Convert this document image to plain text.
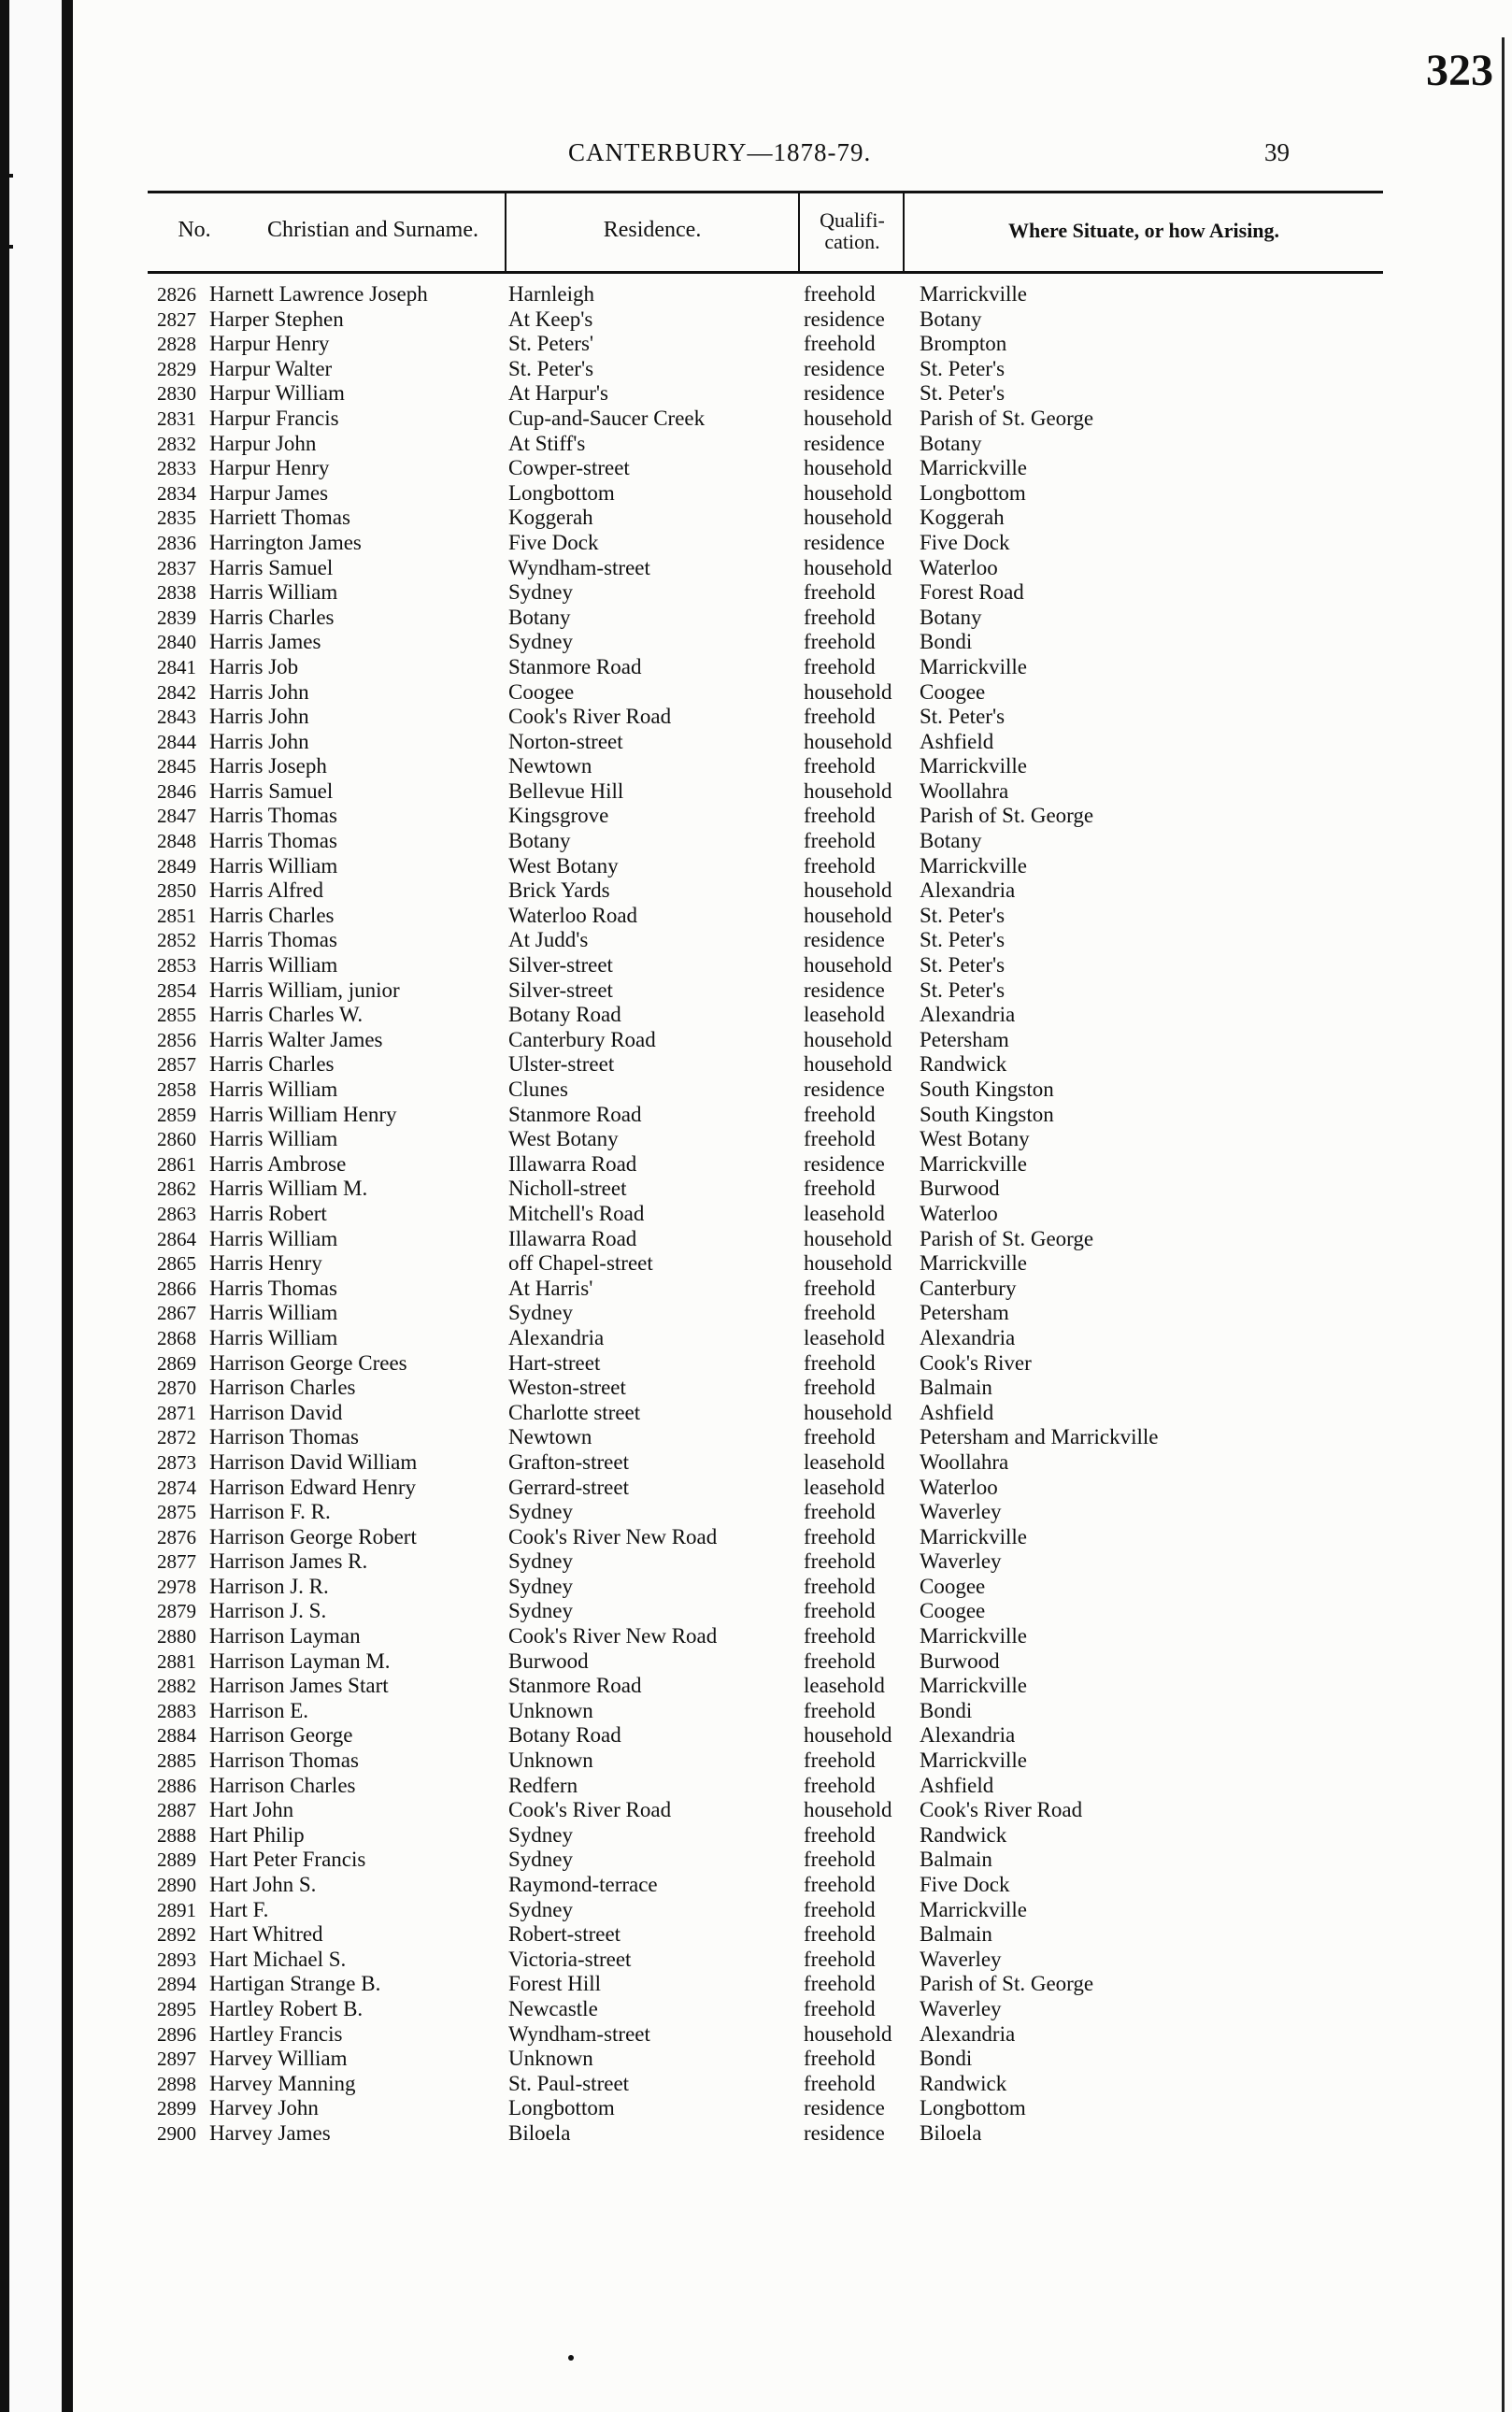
323
CANTERBURY—1878-79.	39
No.	Christian and Surname.	Residence.	Qualifi-
cation.	Where Situate, or how Arising.
2826 Harnett Lawrence Joseph	Harnleigh	freehold Marrickville
2827 Harper Stephen	At Keep's	residence Botany
2828 Harpur Henry	St. Peters'	freehold Brompton
2829 Harpur Walter	St. Peter's	residence St. Peter's
2830 Harpur William	At Harpur's	residence St. Peter's
2831 Harpur Francis	Cup-and-Saucer Creek	household Parish of St. George
2832 Harpur John	At Stiff's	residence Botany
2833 Harpur Henry	Cowper-street	household Marrickville
2834 Harpur James	Longbottom	household Longbottom
2835 Harriett Thomas	Koggerah	household Koggerah
2836 Harrington James	Five Dock	residence Five Dock
2837 Harris Samuel	Wyndham-street	household Waterloo
2838 Harris William	Sydney	freehold Forest Road
2839 Harris Charles	Botany	freehold Botany
2840 Harris James	Sydney	freehold Bondi
2841 Harris Job	Stanmore Road	freehold Marrickville
2842 Harris John	Coogee	household Coogee
2843 Harris John	Cook's River Road	freehold St. Peter's
2844 Harris John	Norton-street	household Ashfield
2845 Harris Joseph	Newtown	freehold Marrickville
2846 Harris Samuel	Bellevue Hill	household Woollahra
2847 Harris Thomas	Kingsgrove	freehold Parish of St. George
2848 Harris Thomas	Botany	freehold Botany
2849 Harris William	West Botany	freehold Marrickville
2850 Harris Alfred	Brick Yards	household Alexandria
2851 Harris Charles	Waterloo Road	household St. Peter's
2852 Harris Thomas	At Judd's	residence St. Peter's
2853 Harris William	Silver-street	household St. Peter's
2854 Harris William, junior	Silver-street	residence St. Peter's
2855 Harris Charles W.	Botany Road	leasehold Alexandria
2856 Harris Walter James	Canterbury Road	household Petersham
2857 Harris Charles	Ulster-street	household Randwick
2858 Harris William	Clunes	residence South Kingston
2859 Harris William Henry	Stanmore Road	freehold South Kingston
2860 Harris William	West Botany	freehold West Botany
2861 Harris Ambrose	Illawarra Road	residence Marrickville
2862 Harris William M.	Nicholl-street	freehold Burwood
2863 Harris Robert	Mitchell's Road	leasehold Waterloo
2864 Harris William	Illawarra Road	household Parish of St. George
2865 Harris Henry	off Chapel-street	household Marrickville
2866 Harris Thomas	At Harris'	freehold Canterbury
2867 Harris William	Sydney	freehold Petersham
2868 Harris William	Alexandria	leasehold Alexandria
2869 Harrison George Crees	Hart-street	freehold Cook's River
2870 Harrison Charles	Weston-street	freehold Balmain
2871 Harrison David	Charlotte street	household Ashfield
2872 Harrison Thomas	Newtown	freehold Petersham and Marrickville
2873 Harrison David William	Grafton-street	leasehold Woollahra
2874 Harrison Edward Henry	Gerrard-street	leasehold Waterloo
2875 Harrison F. R.	Sydney	freehold Waverley
2876 Harrison George Robert	Cook's River New Road	freehold Marrickville
2877 Harrison James R.	Sydney	freehold Waverley
2978 Harrison J. R.	Sydney	freehold Coogee
2879 Harrison J. S.	Sydney	freehold Coogee
2880 Harrison Layman	Cook's River New Road	freehold Marrickville
2881 Harrison Layman M.	Burwood	freehold Burwood
2882 Harrison James Start	Stanmore Road	leasehold Marrickville
2883 Harrison E.	Unknown	freehold Bondi
2884 Harrison George	Botany Road	household Alexandria
2885 Harrison Thomas	Unknown	freehold Marrickville
2886 Harrison Charles	Redfern	freehold Ashfield
2887 Hart John	Cook's River Road	household Cook's River Road
2888 Hart Philip	Sydney	freehold Randwick
2889 Hart Peter Francis	Sydney	freehold Balmain
2890 Hart John S.	Raymond-terrace	freehold Five Dock
2891 Hart F.	Sydney	freehold Marrickville
2892 Hart Whitred	Robert-street	freehold Balmain
2893 Hart Michael S.	Victoria-street	freehold Waverley
2894 Hartigan Strange B.	Forest Hill	freehold Parish of St. George
2895 Hartley Robert B.	Newcastle	freehold Waverley
2896 Hartley Francis	Wyndham-street	household Alexandria
2897 Harvey William	Unknown	freehold Bondi
2898 Harvey Manning	St. Paul-street	freehold Randwick
2899 Harvey John	Longbottom	residence Longbottom
2900 Harvey James	Biloela	residence Biloela
